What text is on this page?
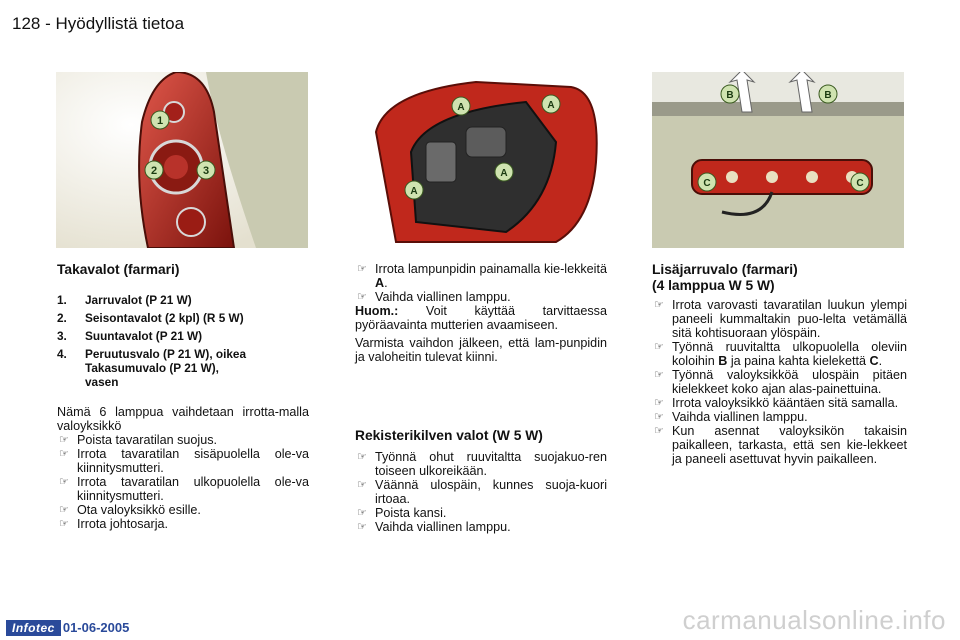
128 - Hyödyllistä tietoa
1
2	3
A	A
A
A
B	B
C	C

Takavalot (farmari)

1. Jarruvalot (P 21 W)
2. Seisontavalot (2 kpl) (R 5 W)
3. Suuntavalot (P 21 W)
4. Peruutusvalo (P 21 W), oikea
Takasumuvalo (P 21 W),
vasen

Nämä 6 lamppua vaihdetaan irrotta-malla valoyksikkö

☞ Poista tavaratilan suojus.
☞ Irrota tavaratilan sisäpuolella ole-va kiinnitysmutteri.
☞ Irrota tavaratilan ulkopuolella ole-va kiinnitysmutteri.
☞ Ota valoyksikkö esille.
☞ Irrota johtosarja.
☞ Irrota lampunpidin painamalla kie-lekkeitä A.
☞ Vaihda viallinen lamppu.

Huom.: Voit käyttää tarvittaessa pyöräavainta mutterien avaamiseen.

Varmista vaihdon jälkeen, että lam-punpidin ja valoheitin tulevat kiinni.

Rekisterikilven valot (W 5 W)

☞ Työnnä ohut ruuvitaltta suojakuo-ren toiseen ulkoreikään.
☞ Väännä ulospäin, kunnes suoja-kuori irtoaa.
☞ Poista kansi.
☞ Vaihda viallinen lamppu.

Lisäjarruvalo (farmari)
(4 lamppua W 5 W)

☞ Irrota varovasti tavaratilan luukun ylempi paneeli kummaltakin puo-lelta vetämällä sitä kohtisuoraan ylöspäin.
☞ Työnnä ruuvitaltta ulkopuolella oleviin koloihin B ja paina kahta kielekettä C.
☞ Työnnä valoyksikköä ulospäin pitäen kielekkeet koko ajan alas-painettuina.
☞ Irrota valoyksikkö kääntäen sitä samalla.
☞ Vaihda viallinen lamppu.
☞ Kun asennat valoyksikön takaisin paikalleen, tarkasta, että sen kie-lekkeet ja paneeli asettuvat hyvin paikalleen.
Infotec 01-06-2005	carmanualsonline.info
